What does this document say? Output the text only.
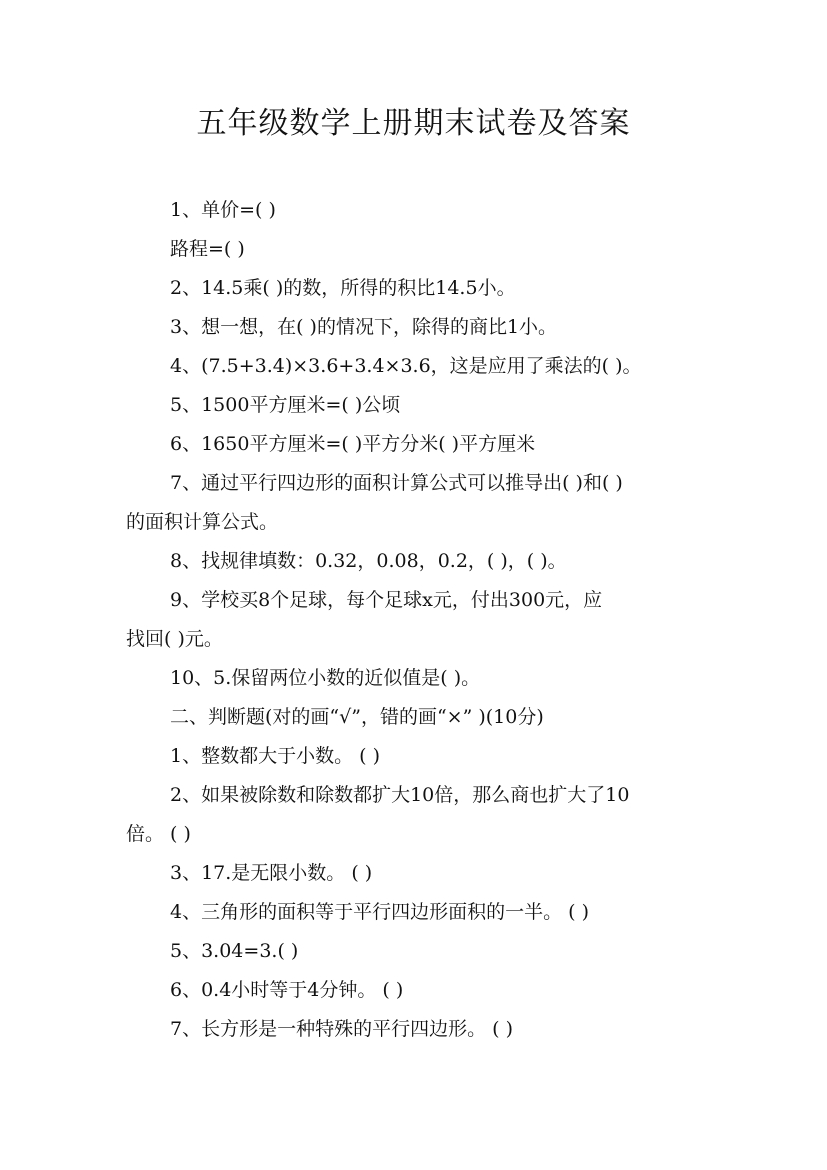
五年级数学上册期末试卷及答案
1、单价=( )
路程=( )
2、14.5乘( )的数，所得的积比14.5小。
3、想一想，在( )的情况下，除得的商比1小。
4、(7.5+3.4)×3.6+3.4×3.6，这是应用了乘法的( )。
5、1500平方厘米=( )公顷
6、1650平方厘米=( )平方分米( )平方厘米
7、通过平行四边形的面积计算公式可以推导出( )和( )
的面积计算公式。
8、找规律填数：0.32，0.08，0.2，( )，( )。
9、学校买8个足球，每个足球x元，付出300元，应
找回( )元。
10、5.保留两位小数的近似值是( )。
二、判断题(对的画“√”，错的画“×” )(10分)
1、整数都大于小数。 ( )
2、如果被除数和除数都扩大10倍，那么商也扩大了10
倍。 ( )
3、17.是无限小数。 ( )
4、三角形的面积等于平行四边形面积的一半。 ( )
5、3.04=3.( )
6、0.4小时等于4分钟。 ( )
7、长方形是一种特殊的平行四边形。 ( )
